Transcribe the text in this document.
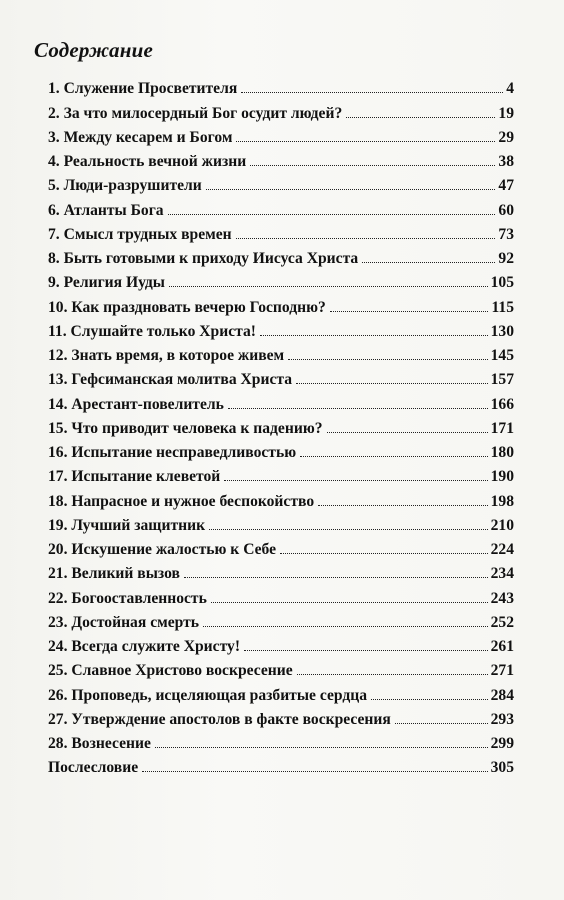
Содержание
1. Служение Просветителя	4
2. За что милосердный Бог осудит людей?	19
3. Между кесарем и Богом	29
4. Реальность вечной жизни	38
5. Люди-разрушители	47
6. Атланты Бога	60
7. Смысл трудных времен	73
8. Быть готовыми к приходу Иисуса Христа	92
9. Религия Иуды	105
10. Как праздновать вечерю Господню?	115
11. Слушайте только Христа!	130
12. Знать время, в которое живем	145
13. Гефсиманская молитва Христа	157
14. Арестант-повелитель	166
15. Что приводит человека к падению?	171
16. Испытание несправедливостью	180
17. Испытание клеветой	190
18. Напрасное и нужное беспокойство	198
19. Лучший защитник	210
20. Искушение жалостью к Себе	224
21. Великий вызов	234
22. Богооставленность	243
23. Достойная смерть	252
24. Всегда служите Христу!	261
25. Славное Христово воскресение	271
26. Проповедь, исцеляющая разбитые сердца	284
27. Утверждение апостолов в факте воскресения	293
28. Вознесение	299
Послесловие	305
